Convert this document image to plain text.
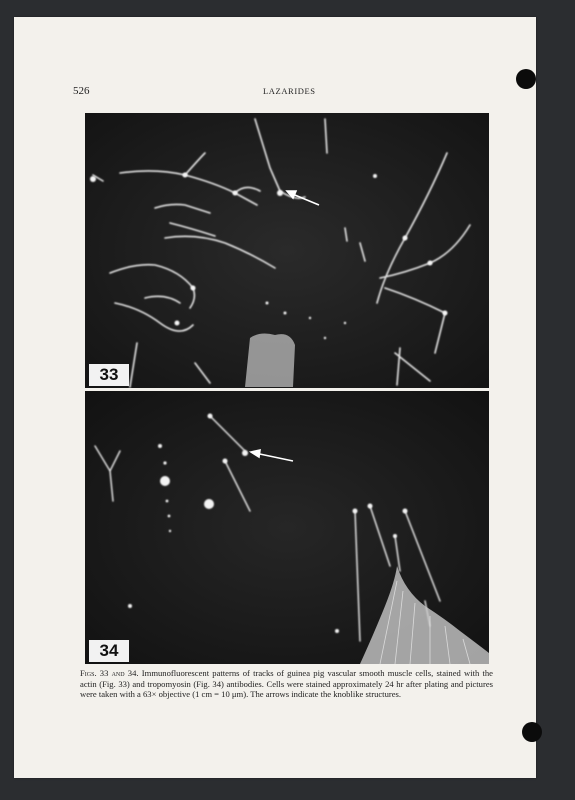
526	LAZARIDES
33
34
Figs. 33 and 34. Immunofluorescent patterns of tracks of guinea pig vascular smooth muscle cells, stained with the actin (Fig. 33) and tropomyosin (Fig. 34) antibodies. Cells were stained approximately 24 hr after plating and pictures were taken with a 63× objective (1 cm = 10 μm). The arrows indicate the knoblike structures.
